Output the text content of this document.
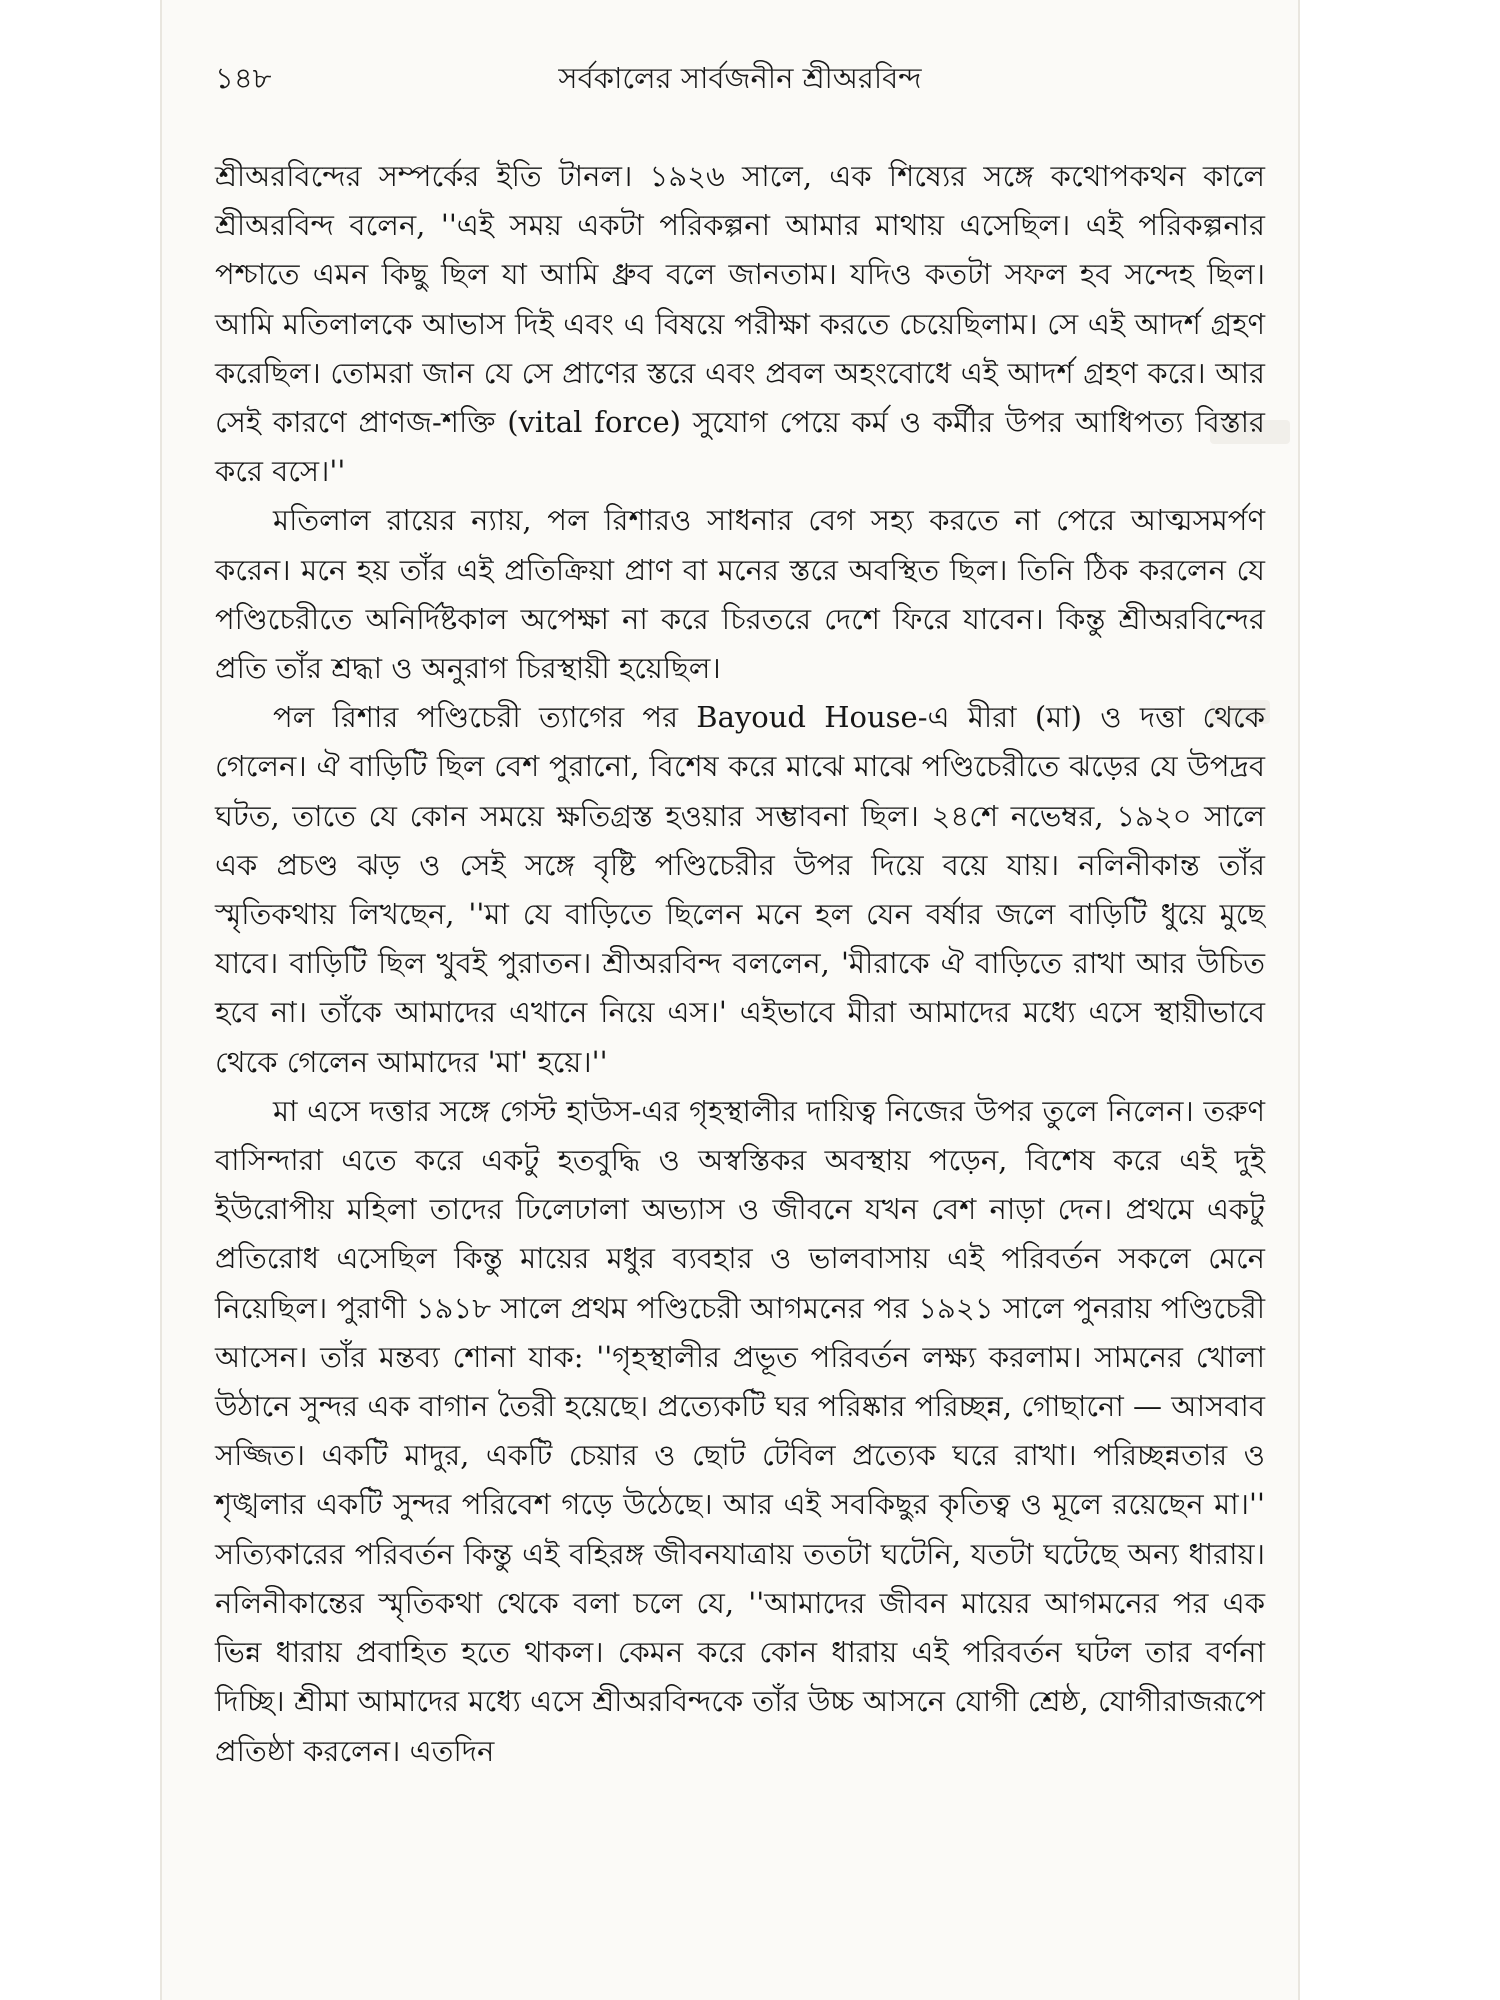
১৪৮	সর্বকালের সার্বজনীন শ্রীঅরবিন্দ

শ্রীঅরবিন্দের সম্পর্কের ইতি টানল। ১৯২৬ সালে, এক শিষ্যের সঙ্গে কথোপকথন কালে শ্রীঅরবিন্দ বলেন, ''এই সময় একটা পরিকল্পনা আমার মাথায় এসেছিল। এই পরিকল্পনার পশ্চাতে এমন কিছু ছিল যা আমি ধ্রুব বলে জানতাম। যদিও কতটা সফল হব সন্দেহ ছিল। আমি মতিলালকে আভাস দিই এবং এ বিষয়ে পরীক্ষা করতে চেয়েছিলাম। সে এই আদর্শ গ্রহণ করেছিল। তোমরা জান যে সে প্রাণের স্তরে এবং প্রবল অহংবোধে এই আদর্শ গ্রহণ করে। আর সেই কারণে প্রাণজ-শক্তি (vital force) সুযোগ পেয়ে কর্ম ও কর্মীর উপর আধিপত্য বিস্তার করে বসে।''

মতিলাল রায়ের ন্যায়, পল রিশারও সাধনার বেগ সহ্য করতে না পেরে আত্মসমর্পণ করেন। মনে হয় তাঁর এই প্রতিক্রিয়া প্রাণ বা মনের স্তরে অবস্থিত ছিল। তিনি ঠিক করলেন যে পণ্ডিচেরীতে অনির্দিষ্টকাল অপেক্ষা না করে চিরতরে দেশে ফিরে যাবেন। কিন্তু শ্রীঅরবিন্দের প্রতি তাঁর শ্রদ্ধা ও অনুরাগ চিরস্থায়ী হয়েছিল।

পল রিশার পণ্ডিচেরী ত্যাগের পর Bayoud House-এ মীরা (মা) ও দত্তা থেকে গেলেন। ঐ বাড়িটি ছিল বেশ পুরানো, বিশেষ করে মাঝে মাঝে পণ্ডিচেরীতে ঝড়ের যে উপদ্রব ঘটত, তাতে যে কোন সময়ে ক্ষতিগ্রস্ত হওয়ার সম্ভাবনা ছিল। ২৪শে নভেম্বর, ১৯২০ সালে এক প্রচণ্ড ঝড় ও সেই সঙ্গে বৃষ্টি পণ্ডিচেরীর উপর দিয়ে বয়ে যায়। নলিনীকান্ত তাঁর স্মৃতিকথায় লিখছেন, ''মা যে বাড়িতে ছিলেন মনে হল যেন বর্ষার জলে বাড়িটি ধুয়ে মুছে যাবে। বাড়িটি ছিল খুবই পুরাতন। শ্রীঅরবিন্দ বললেন, 'মীরাকে ঐ বাড়িতে রাখা আর উচিত হবে না। তাঁকে আমাদের এখানে নিয়ে এস।' এইভাবে মীরা আমাদের মধ্যে এসে স্থায়ীভাবে থেকে গেলেন আমাদের 'মা' হয়ে।''

মা এসে দত্তার সঙ্গে গেস্ট হাউস-এর গৃহস্থালীর দায়িত্ব নিজের উপর তুলে নিলেন। তরুণ বাসিন্দারা এতে করে একটু হতবুদ্ধি ও অস্বস্তিকর অবস্থায় পড়েন, বিশেষ করে এই দুই ইউরোপীয় মহিলা তাদের ঢিলেঢালা অভ্যাস ও জীবনে যখন বেশ নাড়া দেন। প্রথমে একটু প্রতিরোধ এসেছিল কিন্তু মায়ের মধুর ব্যবহার ও ভালবাসায় এই পরিবর্তন সকলে মেনে নিয়েছিল। পুরাণী ১৯১৮ সালে প্রথম পণ্ডিচেরী আগমনের পর ১৯২১ সালে পুনরায় পণ্ডিচেরী আসেন। তাঁর মন্তব্য শোনা যাক: ''গৃহস্থালীর প্রভূত পরিবর্তন লক্ষ্য করলাম। সামনের খোলা উঠানে সুন্দর এক বাগান তৈরী হয়েছে। প্রত্যেকটি ঘর পরিষ্কার পরিচ্ছন্ন, গোছানো — আসবাব সজ্জিত। একটি মাদুর, একটি চেয়ার ও ছোট টেবিল প্রত্যেক ঘরে রাখা। পরিচ্ছন্নতার ও শৃঙ্খলার একটি সুন্দর পরিবেশ গড়ে উঠেছে। আর এই সবকিছুর কৃতিত্ব ও মূলে রয়েছেন মা।'' সত্যিকারের পরিবর্তন কিন্তু এই বহিরঙ্গ জীবনযাত্রায় ততটা ঘটেনি, যতটা ঘটেছে অন্য ধারায়। নলিনীকান্তের স্মৃতিকথা থেকে বলা চলে যে, ''আমাদের জীবন মায়ের আগমনের পর এক ভিন্ন ধারায় প্রবাহিত হতে থাকল। কেমন করে কোন ধারায় এই পরিবর্তন ঘটল তার বর্ণনা দিচ্ছি। শ্রীমা আমাদের মধ্যে এসে শ্রীঅরবিন্দকে তাঁর উচ্চ আসনে যোগী শ্রেষ্ঠ, যোগীরাজরূপে প্রতিষ্ঠা করলেন। এতদিন
